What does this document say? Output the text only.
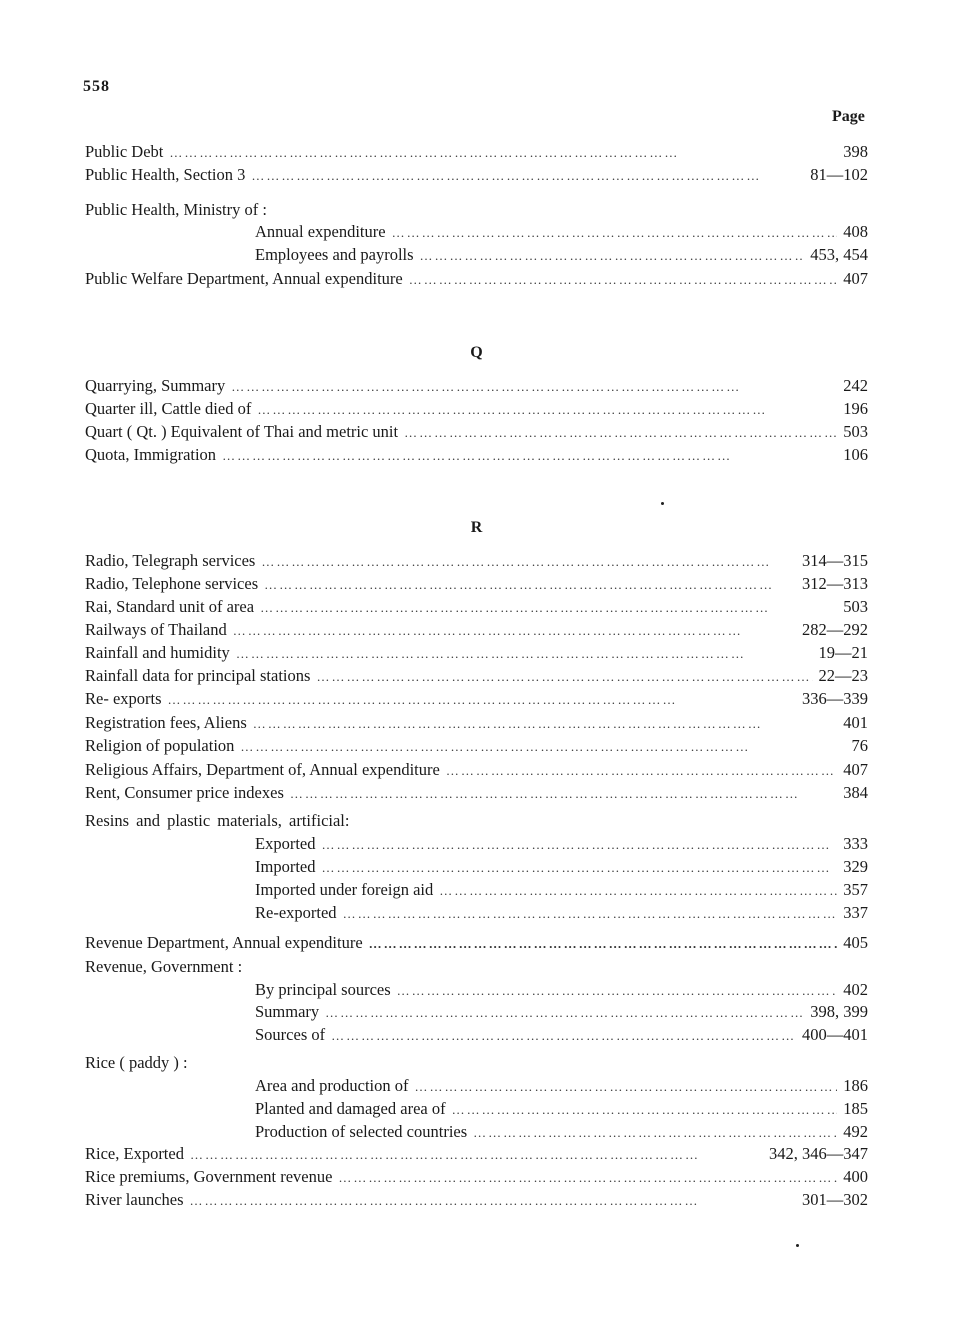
558
Page
Public Debt …………………………………………………………………………………………	398
Public Health, Section 3 …………………………………………………………………………………………	81—102
Public Health, Ministry of :
Annual expenditure …………………………………………………………………………………………	408
Employees and payrolls …………………………………………………………………………………………	453, 454
Public Welfare Department, Annual expenditure …………………………………………………………………………………………	407
Q
Quarrying, Summary …………………………………………………………………………………………	242
Quarter ill, Cattle died of …………………………………………………………………………………………	196
Quart ( Qt. ) Equivalent of Thai and metric unit …………………………………………………………………………………………	503
Quota, Immigration …………………………………………………………………………………………	106
R
Radio, Telegraph services …………………………………………………………………………………………	314—315
Radio, Telephone services …………………………………………………………………………………………	312—313
Rai, Standard unit of area …………………………………………………………………………………………	503
Railways of Thailand …………………………………………………………………………………………	282—292
Rainfall and humidity …………………………………………………………………………………………	19—21
Rainfall data for principal stations …………………………………………………………………………………………	22—23
Re- exports …………………………………………………………………………………………	336—339
Registration fees, Aliens …………………………………………………………………………………………	401
Religion of population …………………………………………………………………………………………	76
Religious Affairs, Department of, Annual expenditure …………………………………………………………………………………………	407
Rent, Consumer price indexes …………………………………………………………………………………………	384
Resins and plastic materials, artificial:
Exported …………………………………………………………………………………………	333
Imported …………………………………………………………………………………………	329
Imported under foreign aid …………………………………………………………………………………………	357
Re-exported …………………………………………………………………………………………	337
Revenue Department, Annual expenditure …………………………………………………………………………………………	405
Revenue, Government :
By principal sources …………………………………………………………………………………………	402
Summary …………………………………………………………………………………………	398, 399
Sources of …………………………………………………………………………………………	400—401
Rice ( paddy ) :
Area and production of …………………………………………………………………………………………	186
Planted and damaged area of …………………………………………………………………………………………	185
Production of selected countries …………………………………………………………………………………………	492
Rice, Exported …………………………………………………………………………………………	342, 346—347
Rice premiums, Government revenue …………………………………………………………………………………………	400
River launches …………………………………………………………………………………………	301—302
